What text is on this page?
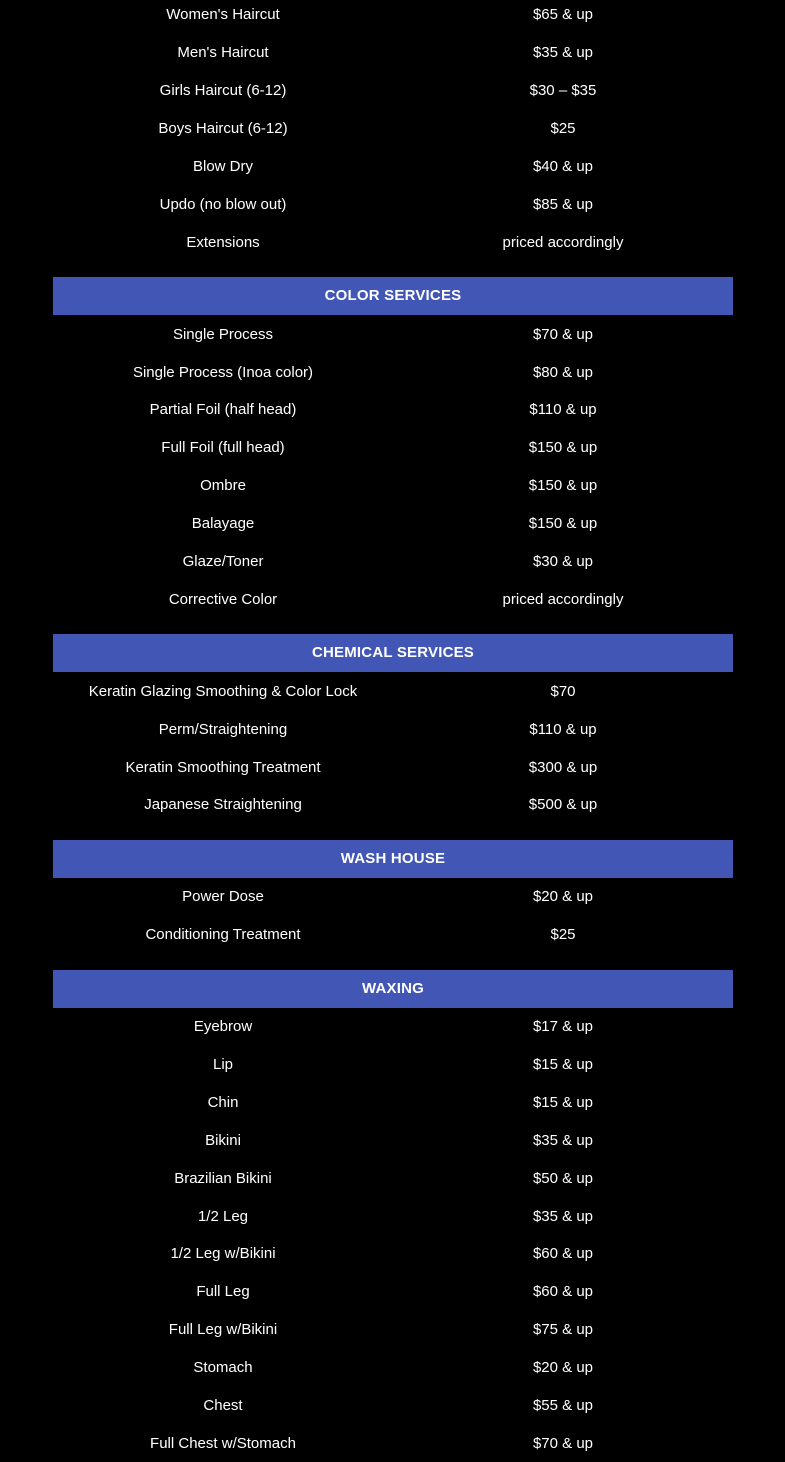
Women's Haircut	$65 & up
Men's Haircut	$35 & up
Girls Haircut (6-12)	$30 – $35
Boys Haircut (6-12)	$25
Blow Dry	$40 & up
Updo (no blow out)	$85 & up
Extensions	priced accordingly
COLOR SERVICES
Single Process	$70 & up
Single Process (Inoa color)	$80 & up
Partial Foil (half head)	$110 & up
Full Foil (full head)	$150 & up
Ombre	$150 & up
Balayage	$150 & up
Glaze/Toner	$30 & up
Corrective Color	priced accordingly
CHEMICAL SERVICES
Keratin Glazing Smoothing & Color Lock	$70
Perm/Straightening	$110 & up
Keratin Smoothing Treatment	$300 & up
Japanese Straightening	$500 & up
WASH HOUSE
Power Dose	$20 & up
Conditioning Treatment	$25
WAXING
Eyebrow	$17 & up
Lip	$15 & up
Chin	$15 & up
Bikini	$35 & up
Brazilian Bikini	$50 & up
1/2 Leg	$35 & up
1/2 Leg w/Bikini	$60 & up
Full Leg	$60 & up
Full Leg w/Bikini	$75 & up
Stomach	$20 & up
Chest	$55 & up
Full Chest w/Stomach	$70 & up
